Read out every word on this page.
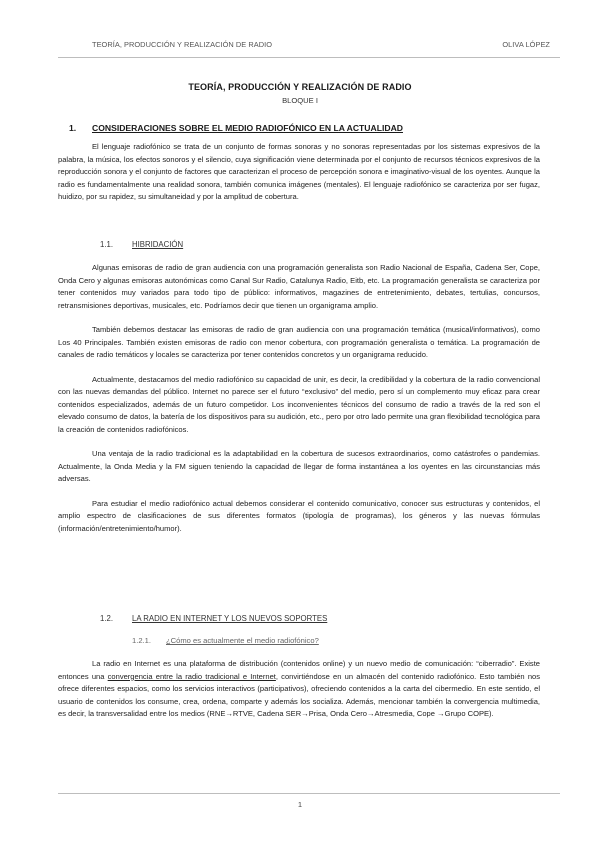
TEORÍA, PRODUCCIÓN Y REALIZACIÓN DE RADIO	OLIVA LÓPEZ
TEORÍA, PRODUCCIÓN Y REALIZACIÓN DE RADIO
BLOQUE I
1. CONSIDERACIONES SOBRE EL MEDIO RADIOFÓNICO EN LA ACTUALIDAD

El lenguaje radiofónico se trata de un conjunto de formas sonoras y no sonoras representadas por los sistemas expresivos de la palabra, la música, los efectos sonoros y el silencio, cuya significación viene determinada por el conjunto de recursos técnicos expresivos de la reproducción sonora y el conjunto de factores que caracterizan el proceso de percepción sonora e imaginativo-visual de los oyentes. Aunque la radio es fundamentalmente una realidad sonora, también comunica imágenes (mentales). El lenguaje radiofónico se caracteriza por ser fugaz, huidizo, por su rapidez, su simultaneidad y por la amplitud de cobertura.

1.1. HIBRIDACIÓN

Algunas emisoras de radio de gran audiencia con una programación generalista son Radio Nacional de España, Cadena Ser, Cope, Onda Cero y algunas emisoras autonómicas como Canal Sur Radio, Catalunya Radio, Eitb, etc. La programación generalista se caracteriza por tener contenidos muy variados para todo tipo de público: informativos, magazines de entretenimiento, debates, tertulias, concursos, retransmisiones deportivas, musicales, etc. Podríamos decir que tienen un organigrama amplio.

También debemos destacar las emisoras de radio de gran audiencia con una programación temática (musical/informativos), como Los 40 Principales. También existen emisoras de radio con menor cobertura, con programación generalista o temática. La programación de canales de radio temáticos y locales se caracteriza por tener contenidos concretos y un organigrama reducido.

Actualmente, destacamos del medio radiofónico su capacidad de unir, es decir, la credibilidad y la cobertura de la radio convencional con las nuevas demandas del público. Internet no parece ser el futuro “exclusivo” del medio, pero sí un complemento muy eficaz para crear contenidos especializados, además de un futuro competidor. Los inconvenientes técnicos del consumo de radio a través de la red son el elevado consumo de datos, la batería de los dispositivos para su audición, etc., pero por otro lado permite una gran flexibilidad tecnológica para la creación de contenidos radiofónicos.

Una ventaja de la radio tradicional es la adaptabilidad en la cobertura de sucesos extraordinarios, como catástrofes o pandemias. Actualmente, la Onda Media y la FM siguen teniendo la capacidad de llegar de forma instantánea a los oyentes en las circunstancias más adversas.

Para estudiar el medio radiofónico actual debemos considerar el contenido comunicativo, conocer sus estructuras y contenidos, el amplio espectro de clasificaciones de sus diferentes formatos (tipología de programas), los géneros y las nuevas fórmulas (información/entretenimiento/humor).

1.2. LA RADIO EN INTERNET Y LOS NUEVOS SOPORTES
1.2.1. ¿Cómo es actualmente el medio radiofónico?

La radio en Internet es una plataforma de distribución (contenidos online) y un nuevo medio de comunicación: “ciberradio”. Existe entonces una convergencia entre la radio tradicional e Internet, convirtiéndose en un almacén del contenido radiofónico. Esto también nos ofrece diferentes espacios, como los servicios interactivos (participativos), ofreciendo contenidos a la carta del cibermedio. En este sentido, el usuario de contenidos los consume, crea, ordena, comparte y además los socializa. Además, mencionar también la convergencia multimedia, es decir, la transversalidad entre los medios (RNE→RTVE, Cadena SER→Prisa, Onda Cero→Atresmedia, Cope →Grupo COPE).

1
